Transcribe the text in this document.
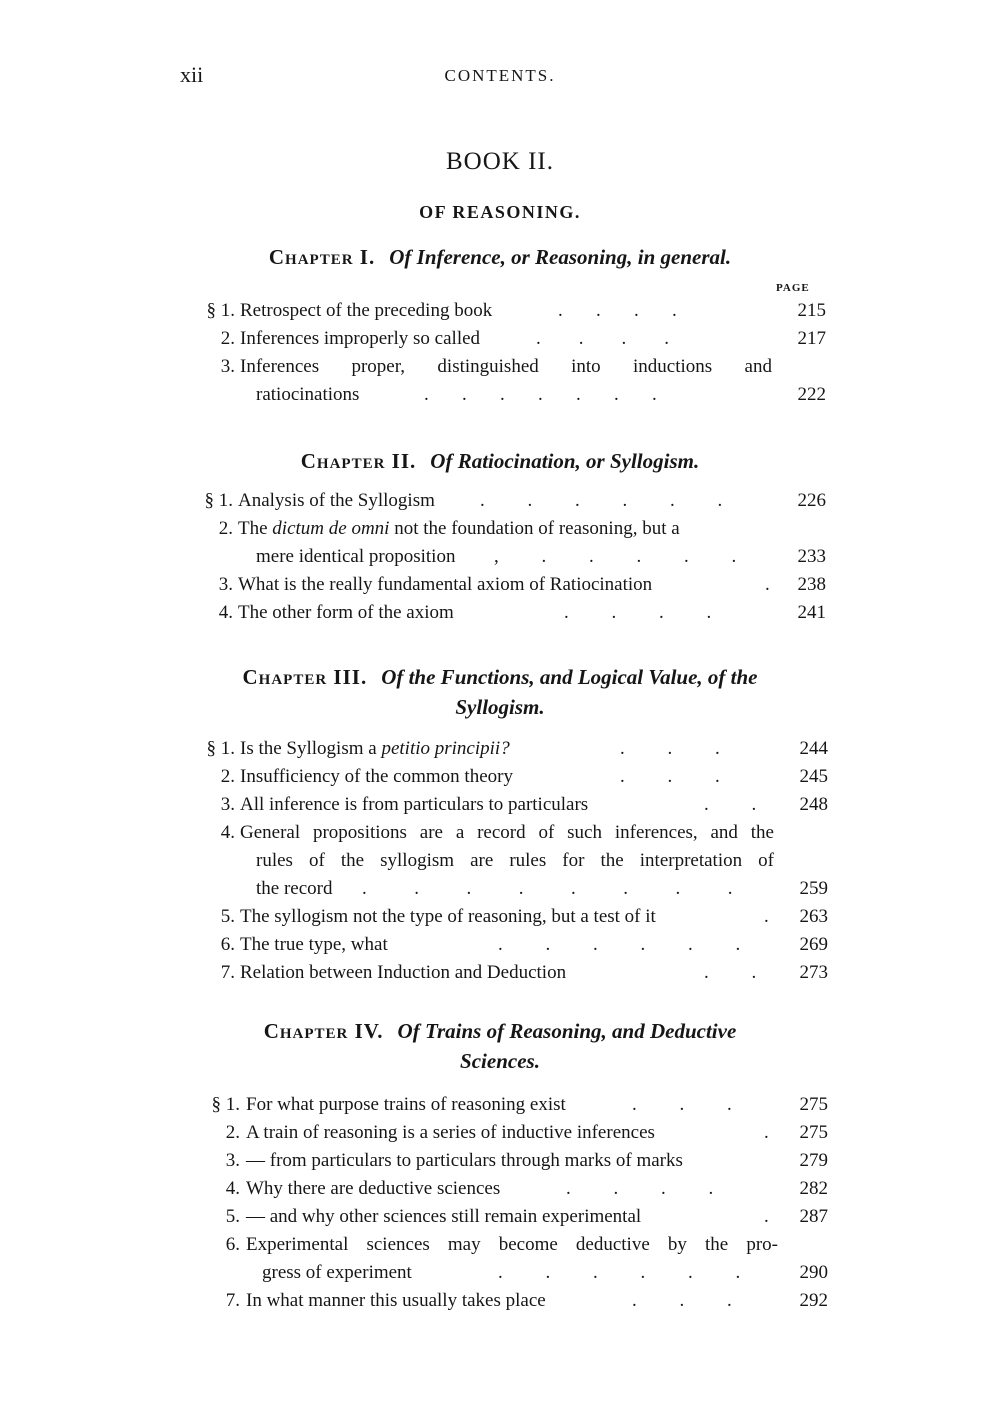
xii	CONTENTS.
BOOK II.
OF REASONING.
Chapter I. Of Inference, or Reasoning, in general.
PAGE
§ 1. Retrospect of the preceding book	.       .       .       .	215
2. Inferences improperly so called	.        .        .        .	217
3. Inferences proper, distinguished into inductions and
ratiocinations	.       .       .       .       .       .       .	222
Chapter II. Of Ratiocination, or Syllogism.
§ 1. Analysis of the Syllogism .         .         .         .         .         .	226
2. The dictum de omni not the foundation of reasoning, but a
mere identical proposition ,         .         .         .         .         .	233
3. What is the really fundamental axiom of Ratiocination	.	238
4. The other form of the axiom	.         .         .         .	241
Chapter III. Of the Functions, and Logical Value, of the
Syllogism.
§ 1. Is the Syllogism a petitio principii?	.         .         .	244
2. Insufficiency of the common theory	.         .         .	245
3. All inference is from particulars to particulars	.         .	248
4. General propositions are a record of such inferences, and the
rules of the syllogism are rules for the interpretation of
the record .          .          .          .          .          .          .          .	259
5. The syllogism not the type of reasoning, but a test of it	.	263
6. The true type, what	.         .         .         .         .         .	269
7. Relation between Induction and Deduction	.         .	273
Chapter IV. Of Trains of Reasoning, and Deductive
Sciences.
§ 1. For what purpose trains of reasoning exist	.         .         .	275
2. A train of reasoning is a series of inductive inferences	.	275
3. — from particulars to particulars through marks of marks	279
4. Why there are deductive sciences	.         .         .         .	282
5. — and why other sciences still remain experimental	.	287
6. Experimental sciences may become deductive by the pro-
gress of experiment	.         .         .         .         .         .	290
7. In what manner this usually takes place	.         .         .	292
